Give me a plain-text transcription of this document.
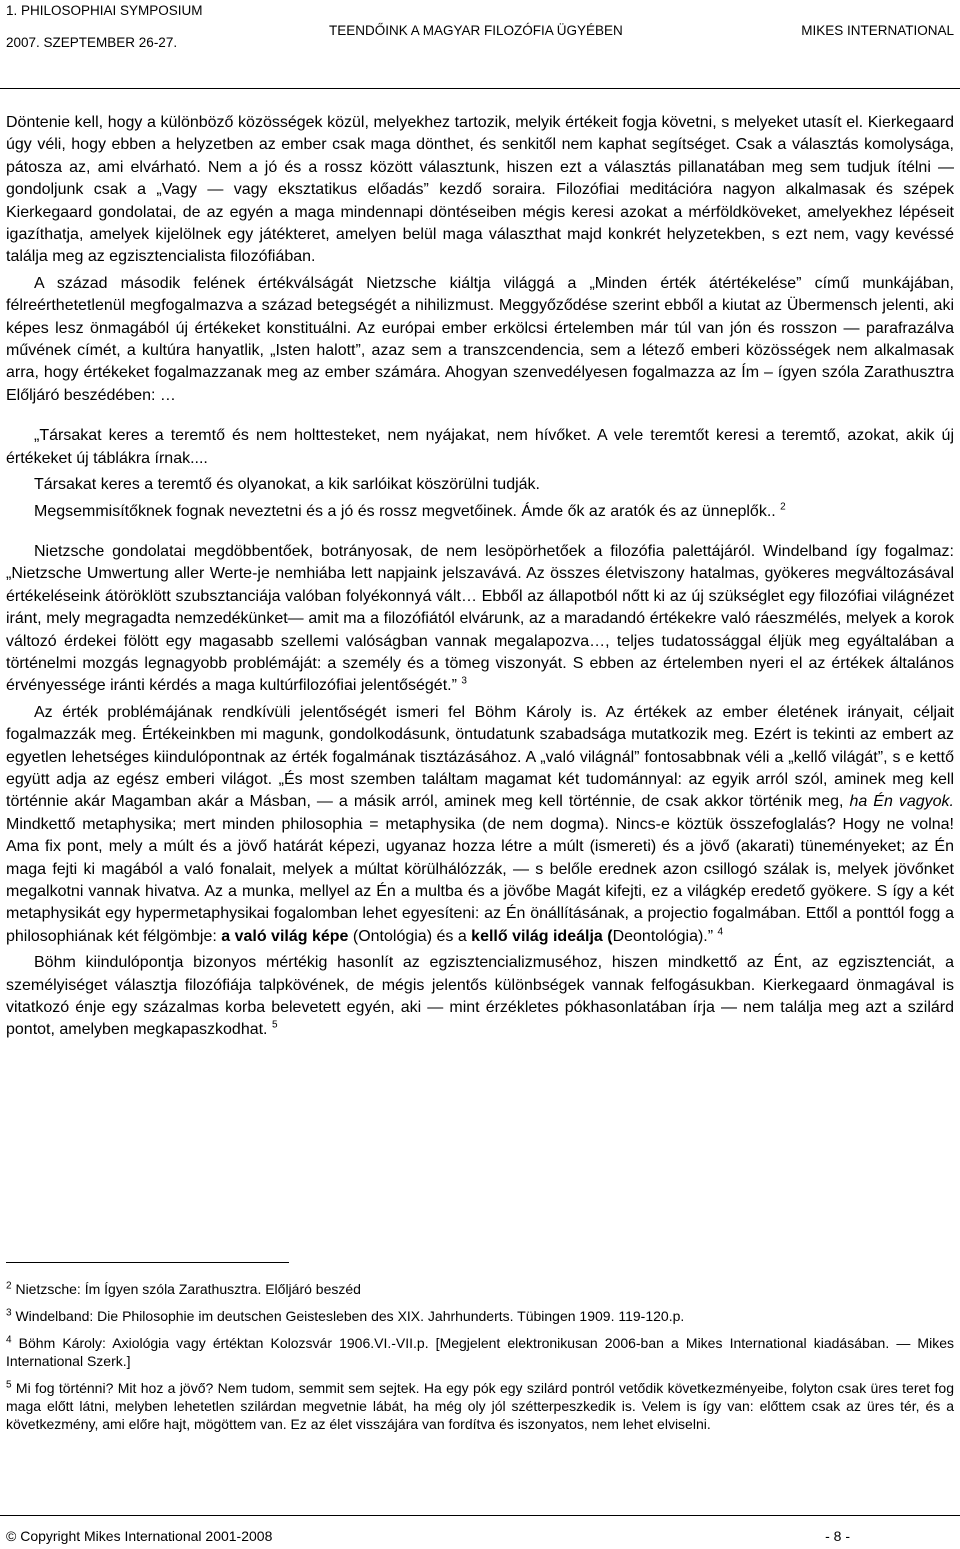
1. PHILOSOPHIAI SYMPOSIUM
2007. SZEPTEMBER 26-27.
TEENDŐINK A MAGYAR FILOZÓFIA ÜGYÉBEN	MIKES INTERNATIONAL

Döntenie kell, hogy a különböző közösségek közül, melyekhez tartozik, melyik értékeit fogja követni, s melyeket utasít el. Kierkegaard úgy véli, hogy ebben a helyzetben az ember csak maga dönthet, és senkitől nem kaphat segítséget. Csak a választás komolysága, pátosza az, ami elvárható. Nem a jó és a rossz között választunk, hiszen ezt a választás pillanatában meg sem tudjuk ítélni — gondoljunk csak a „Vagy — vagy eksztatikus előadás” kezdő soraira. Filozófiai meditációra nagyon alkalmasak és szépek Kierkegaard gondolatai, de az egyén a maga mindennapi döntéseiben mégis keresi azokat a mérföldköveket, amelyekhez lépéseit igazíthatja, amelyek kijelölnek egy játékteret, amelyen belül maga választhat majd konkrét helyzetekben, s ezt nem, vagy kevéssé találja meg az egzisztencialista filozófiában.

A század második felének értékválságát Nietzsche kiáltja világgá a „Minden érték átértékelése” című munkájában, félreérthetetlenül megfogalmazva a század betegségét a nihilizmust. Meggyőződése szerint ebből a kiutat az Übermensch jelenti, aki képes lesz önmagából új értékeket konstituálni. Az európai ember erkölcsi értelemben már túl van jón és rosszon — parafrazálva művének címét, a kultúra hanyatlik, „Isten halott”, azaz sem a transzcendencia, sem a létező emberi közösségek nem alkalmasak arra, hogy értékeket fogalmazzanak meg az ember számára. Ahogyan szenvedélyesen fogalmazza az Ím – ígyen szóla Zarathusztra Előljáró beszédében: …

„Társakat keres a teremtő és nem holttesteket, nem nyájakat, nem hívőket. A vele teremtőt keresi a teremtő, azokat, akik új értékeket új táblákra írnak....

Társakat keres a teremtő és olyanokat, a kik sarlóikat köszörülni tudják.

Megsemmisítőknek fognak neveztetni és a jó és rossz megvetőinek. Ámde ők az aratók és az ünneplők.. $^2$

Nietzsche gondolatai megdöbbentőek, botrányosak, de nem lesöpörhetőek a filozófia palettájáról. Windelband így fogalmaz: „Nietzsche Umwertung aller Werte-je nemhiába lett napjaink jelszavává. Az összes életviszony hatalmas, gyökeres megváltozásával értékeléseink átöröklött szubsztanciája valóban folyékonnyá vált… Ebből az állapotból nőtt ki az új szükséglet egy filozófiai világnézet iránt, mely megragadta nemzedékünket— amit ma a filozófiától elvárunk, az a maradandó értékekre való ráeszmélés, melyek a korok változó érdekei fölött egy magasabb szellemi valóságban vannak megalapozva…, teljes tudatossággal éljük meg egyáltalában a történelmi mozgás legnagyobb problémáját: a személy és a tömeg viszonyát. S ebben az értelemben nyeri el az értékek általános érvényessége iránti kérdés a maga kultúrfilozófiai jelentőségét.” $^3$

Az érték problémájának rendkívüli jelentőségét ismeri fel Böhm Károly is. Az értékek az ember életének irányait, céljait fogalmazzák meg. Értékeinkben mi magunk, gondolkodásunk, öntudatunk szabadsága mutatkozik meg. Ezért is tekinti az embert az egyetlen lehetséges kiindulópontnak az érték fogalmának tisztázásához. A „való világnál” fontosabbnak véli a „kellő világát”, s e kettő együtt adja az egész emberi világot. „És most szemben találtam magamat két tudománnyal: az egyik arról szól, aminek meg kell történnie akár Magamban akár a Másban, — a másik arról, aminek meg kell történnie, de csak akkor történik meg, ha Én vagyok. Mindkettő metaphysika; mert minden philosophia = metaphysika (de nem dogma). Nincs-e köztük összefoglalás? Hogy ne volna! Ama fix pont, mely a múlt és a jövő határát képezi, ugyanaz hozza létre a múlt (ismereti) és a jövő (akarati) tüneményeket; az Én maga fejti ki magából a való fonalait, melyek a múltat körülhálózzák, — s belőle erednek azon csillogó szálak is, melyek jövőnket megalkotni vannak hivatva. Az a munka, mellyel az Én a multba és a jövőbe Magát kifejti, ez a világkép eredető gyökere. S így a két metaphysikát egy hypermetaphysikai fogalomban lehet egyesíteni: az Én önállításának, a projectio fogalmában. Ettől a ponttól fogg a philosophiának két félgömbje: a való világ képe (Ontológia) és a kellő világ ideálja (Deontológia).” $^4$

Böhm kiindulópontja bizonyos mértékig hasonlít az egzisztencializmuséhoz, hiszen mindkettő az Ént, az egzisztenciát, a személyiséget választja filozófiája talpkövének, de mégis jelentős különbségek vannak felfogásukban. Kierkegaard önmagával is vitatkozó énje egy százalmas korba belevetett egyén, aki — mint érzékletes pókhasonlatában írja — nem találja meg azt a szilárd pontot, amelyben megkapaszkodhat. $^5$

$^2$ Nietzsche: Ím Ígyen szóla Zarathusztra. Előljáró beszéd

$^3$ Windelband: Die Philosophie im deutschen Geistesleben des XIX. Jahrhunderts. Tübingen 1909. 119-120.p.

$^4$ Böhm Károly: Axiológia vagy értéktan Kolozsvár 1906.VI.-VII.p. [Megjelent elektronikusan 2006-ban a Mikes International kiadásában. — Mikes International Szerk.]

$^5$ Mi fog történni? Mit hoz a jövő? Nem tudom, semmit sem sejtek. Ha egy pók egy szilárd pontról vetődik következményeibe, folyton csak üres teret fog maga előtt látni, melyben lehetetlen szilárdan megvetnie lábát, ha még oly jól szétterpeszkedik is. Velem is így van: előttem csak az üres tér, és a következmény, ami előre hajt, mögöttem van. Ez az élet visszájára van fordítva és iszonyatos, nem lehet elviselni.

© Copyright Mikes International 2001-2008	- 8 -
